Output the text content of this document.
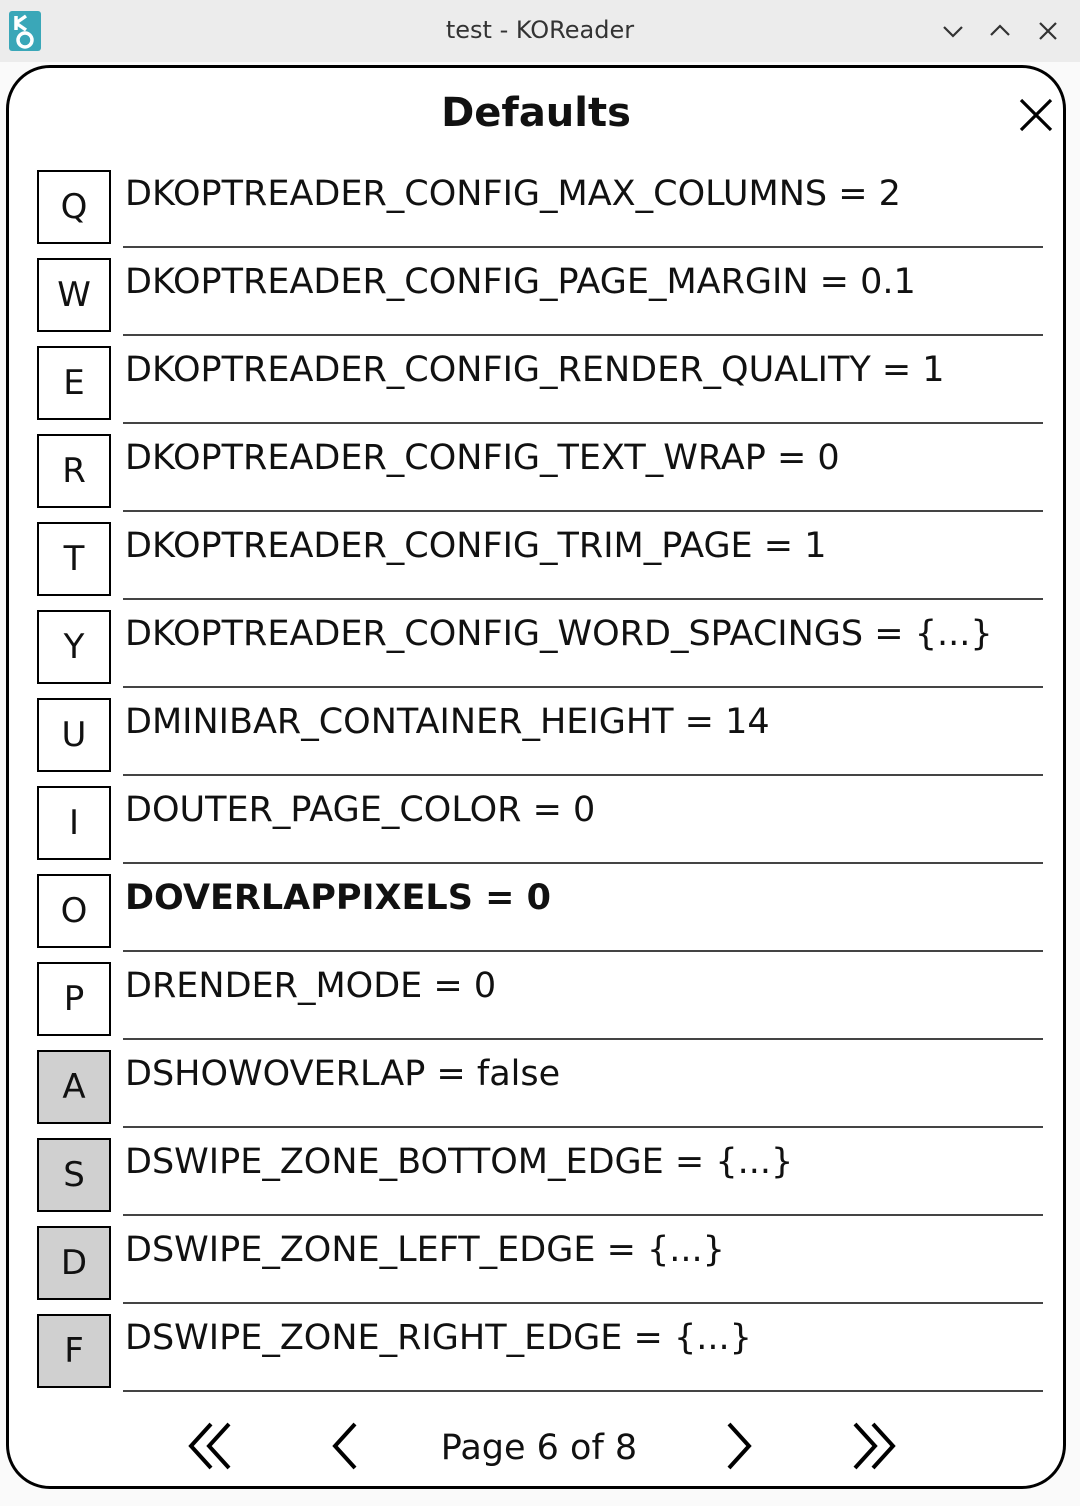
test - KOReader
Defaults
Q	DKOPTREADER_CONFIG_MAX_COLUMNS = 2
W DKOPTREADER_CONFIG_PAGE_MARGIN = 0.1
E	DKOPTREADER_CONFIG_RENDER_QUALITY = 1
R	DKOPTREADER_CONFIG_TEXT_WRAP = 0
T	DKOPTREADER_CONFIG_TRIM_PAGE = 1
Y	DKOPTREADER_CONFIG_WORD_SPACINGS = {...}
U	DMINIBAR_CONTAINER_HEIGHT = 14
I	DOUTER_PAGE_COLOR = 0
O	DOVERLAPPIXELS = 0
P	DRENDER_MODE = 0
A	DSHOWOVERLAP = false
S	DSWIPE_ZONE_BOTTOM_EDGE = {...}
D	DSWIPE_ZONE_LEFT_EDGE = {...}
F	DSWIPE_ZONE_RIGHT_EDGE = {...}
Page 6 of 8
